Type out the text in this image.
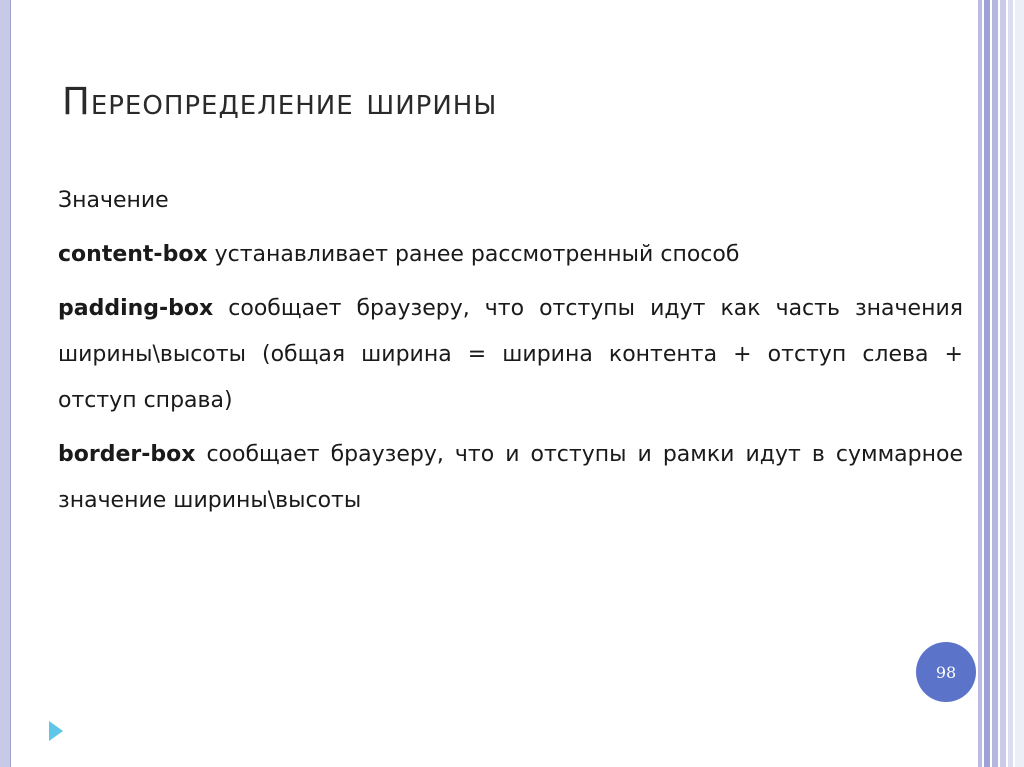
Переопределение ширины

Значение

content-box устанавливает ранее рассмотренный способ

padding-box сообщает браузеру, что отступы идут как часть значения ширины\высоты (общая ширина = ширина контента + отступ слева + отступ справа)

border-box сообщает браузеру, что и отступы и рамки идут в суммарное значение ширины\высоты

98
